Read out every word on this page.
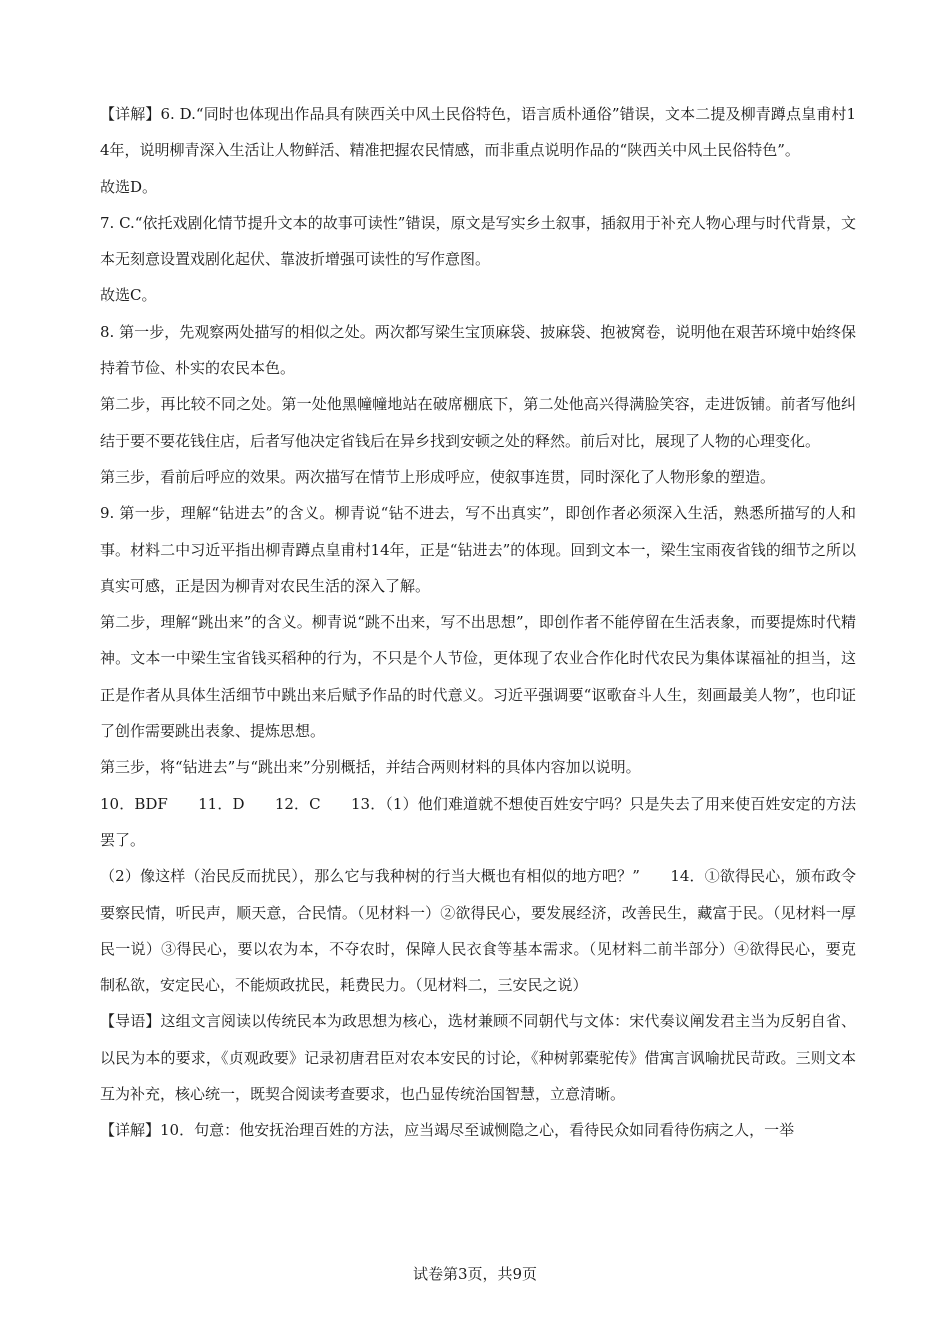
【详解】6. D.“同时也体现出作品具有陕西关中风土民俗特色，语言质朴通俗”错误，文本二提及柳青蹲点皇甫村14年，说明柳青深入生活让人物鲜活、精准把握农民情感，而非重点说明作品的“陕西关中风土民俗特色”。

故选D。

7. C.“依托戏剧化情节提升文本的故事可读性”错误，原文是写实乡土叙事，插叙用于补充人物心理与时代背景，文本无刻意设置戏剧化起伏、靠波折增强可读性的写作意图。

故选C。

8. 第一步，先观察两处描写的相似之处。两次都写梁生宝顶麻袋、披麻袋、抱被窝卷，说明他在艰苦环境中始终保持着节俭、朴实的农民本色。

第二步，再比较不同之处。第一处他黑幢幢地站在破席棚底下，第二处他高兴得满脸笑容，走进饭铺。前者写他纠结于要不要花钱住店，后者写他决定省钱后在异乡找到安顿之处的释然。前后对比，展现了人物的心理变化。

第三步，看前后呼应的效果。两次描写在情节上形成呼应，使叙事连贯，同时深化了人物形象的塑造。

9. 第一步，理解“钻进去”的含义。柳青说“钻不进去，写不出真实”，即创作者必须深入生活，熟悉所描写的人和事。材料二中习近平指出柳青蹲点皇甫村14年，正是“钻进去”的体现。回到文本一，梁生宝雨夜省钱的细节之所以真实可感，正是因为柳青对农民生活的深入了解。

第二步，理解“跳出来”的含义。柳青说“跳不出来，写不出思想”，即创作者不能停留在生活表象，而要提炼时代精神。文本一中梁生宝省钱买稻种的行为，不只是个人节俭，更体现了农业合作化时代农民为集体谋福祉的担当，这正是作者从具体生活细节中跳出来后赋予作品的时代意义。习近平强调要“讴歌奋斗人生，刻画最美人物”，也印证了创作需要跳出表象、提炼思想。

第三步，将“钻进去”与“跳出来”分别概括，并结合两则材料的具体内容加以说明。

10．BDF　　11．D　　12．C　　13．（1）他们难道就不想使百姓安宁吗？只是失去了用来使百姓安定的方法罢了。

（2）像这样（治民反而扰民），那么它与我种树的行当大概也有相似的地方吧？”　　14．①欲得民心，颁布政令要察民情，听民声，顺天意，合民情。（见材料一）②欲得民心，要发展经济，改善民生，藏富于民。（见材料一厚民一说）③得民心，要以农为本，不夺农时，保障人民衣食等基本需求。（见材料二前半部分）④欲得民心，要克制私欲，安定民心，不能烦政扰民，耗费民力。（见材料二，三安民之说）

【导语】这组文言阅读以传统民本为政思想为核心，选材兼顾不同朝代与文体：宋代奏议阐发君主当为反躬自省、以民为本的要求，《贞观政要》记录初唐君臣对农本安民的讨论，《种树郭橐驼传》借寓言讽喻扰民苛政。三则文本互为补充，核心统一，既契合阅读考查要求，也凸显传统治国智慧，立意清晰。

【详解】10．句意：他安抚治理百姓的方法，应当竭尽至诚恻隐之心，看待民众如同看待伤病之人，一举

试卷第3页，共9页
